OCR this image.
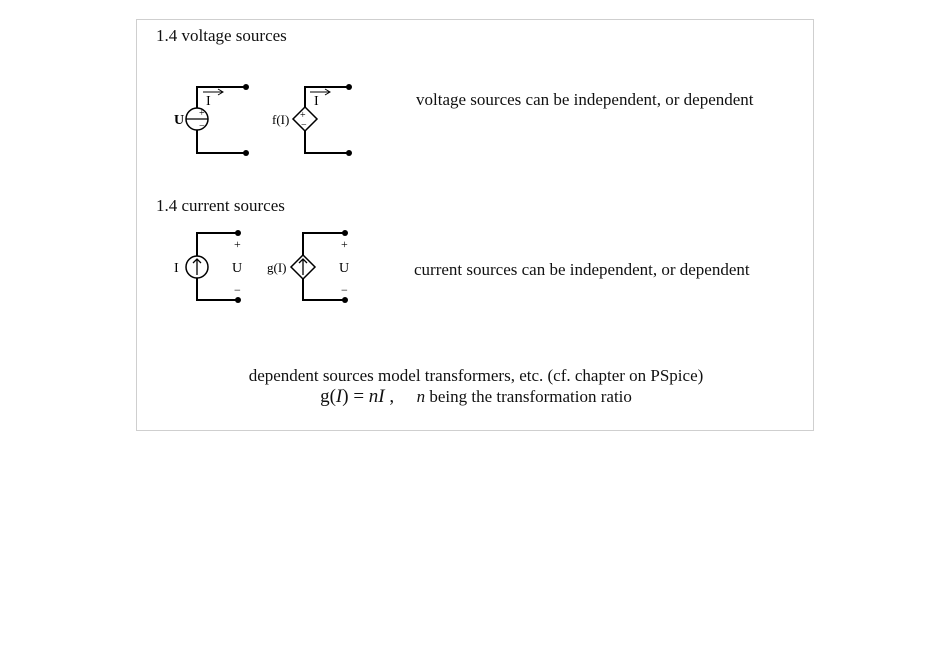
1.4 voltage sources
+
−
I
U	+
−
I
f(I)
voltage sources can be independent, or dependent
1.4 current sources
+
−
U
I
+
−
U
g(I)	current sources can be independent, or dependent
dependent sources model transformers, etc. (cf. chapter on PSpice)
g(I) = nI , n being the transformation ratio
